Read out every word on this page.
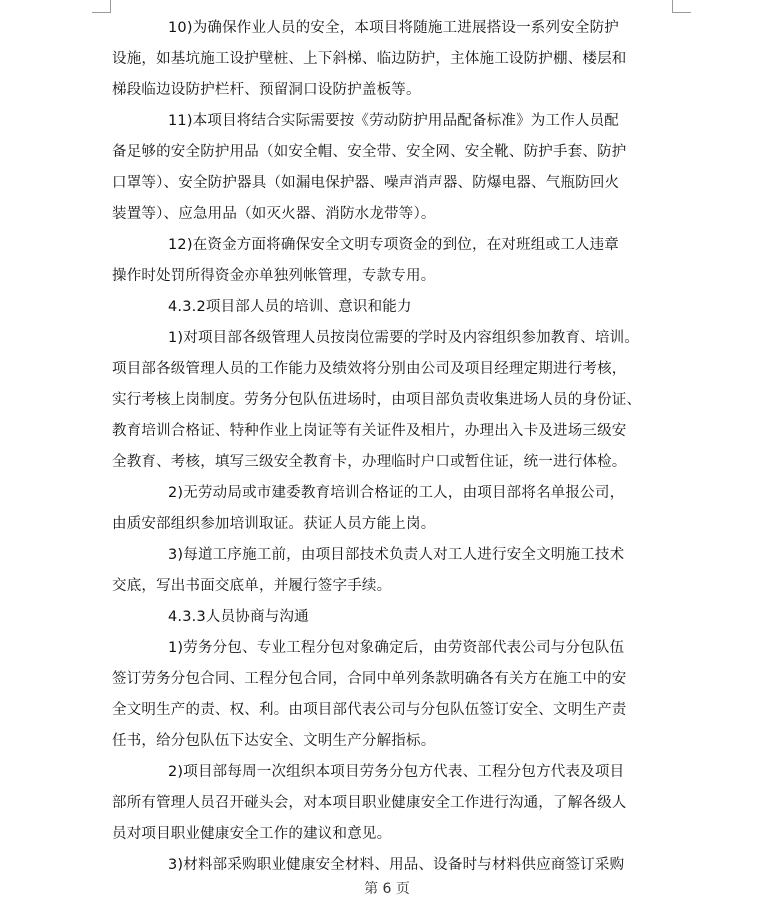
10)为确保作业人员的安全，本项目将随施工进展搭设一系列安全防护
设施，如基坑施工设护壁桩、上下斜梯、临边防护，主体施工设防护棚、楼层和
梯段临边设防护栏杆、预留洞口设防护盖板等。
11)本项目将结合实际需要按《劳动防护用品配备标准》为工作人员配
备足够的安全防护用品（如安全帽、安全带、安全网、安全靴、防护手套、防护
口罩等）、安全防护器具（如漏电保护器、噪声消声器、防爆电器、气瓶防回火
装置等）、应急用品（如灭火器、消防水龙带等）。
12)在资金方面将确保安全文明专项资金的到位，在对班组或工人违章
操作时处罚所得资金亦单独列帐管理，专款专用。
4.3.2项目部人员的培训、意识和能力
1)对项目部各级管理人员按岗位需要的学时及内容组织参加教育、培训。
项目部各级管理人员的工作能力及绩效将分别由公司及项目经理定期进行考核，
实行考核上岗制度。劳务分包队伍进场时，由项目部负责收集进场人员的身份证、
教育培训合格证、特种作业上岗证等有关证件及相片，办理出入卡及进场三级安
全教育、考核，填写三级安全教育卡，办理临时户口或暂住证，统一进行体检。
2)无劳动局或市建委教育培训合格证的工人，由项目部将名单报公司，
由质安部组织参加培训取证。获证人员方能上岗。
3)每道工序施工前，由项目部技术负责人对工人进行安全文明施工技术
交底，写出书面交底单，并履行签字手续。
4.3.3人员协商与沟通
1)劳务分包、专业工程分包对象确定后，由劳资部代表公司与分包队伍
签订劳务分包合同、工程分包合同，合同中单列条款明确各有关方在施工中的安
全文明生产的责、权、利。由项目部代表公司与分包队伍签订安全、文明生产责
任书，给分包队伍下达安全、文明生产分解指标。
2)项目部每周一次组织本项目劳务分包方代表、工程分包方代表及项目
部所有管理人员召开碰头会，对本项目职业健康安全工作进行沟通，了解各级人
员对项目职业健康安全工作的建议和意见。
3)材料部采购职业健康安全材料、用品、设备时与材料供应商签订采购
第 6 页
